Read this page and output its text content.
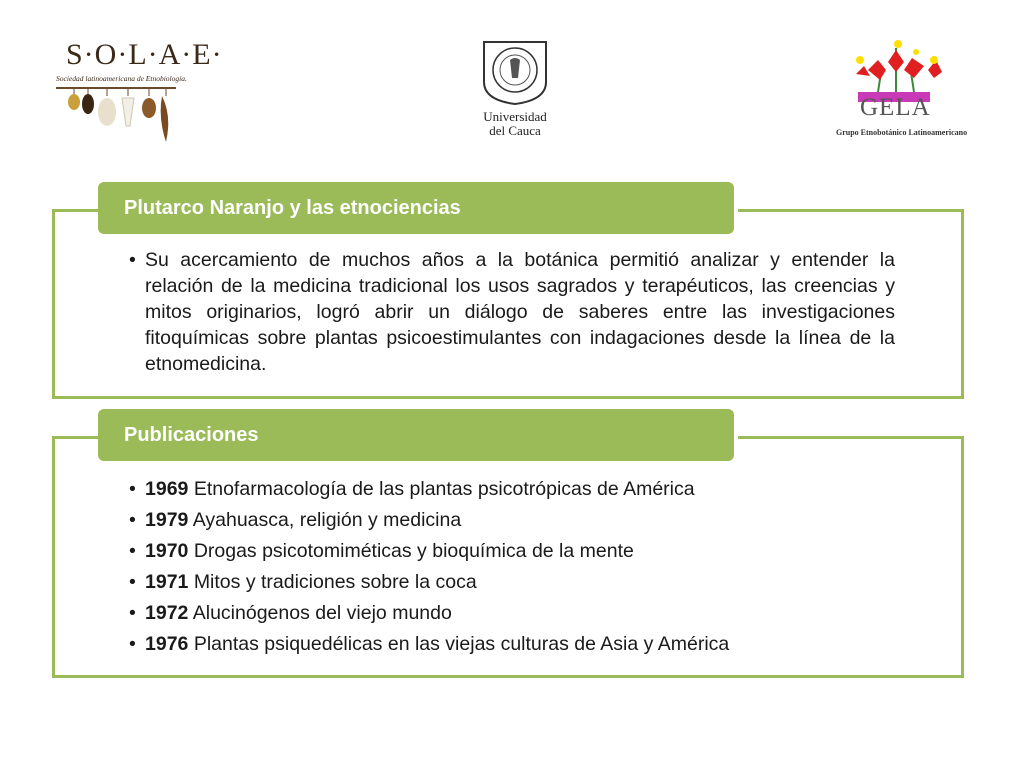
S·O·L·A·E·
Sociedad latinoamericana de Etnobiología.
Universidad
del Cauca
GELA
Grupo Etnobotánico Latinoamericano
• Su acercamiento de muchos años a la botánica permitió analizar y entender la relación de la medicina tradicional los usos sagrados y terapéuticos, las creencias y mitos originarios, logró abrir un diálogo de saberes entre las investigaciones fitoquímicas sobre plantas psicoestimulantes con indagaciones desde la línea de la etnomedicina.
Plutarco Naranjo y las etnociencias
• 1969 Etnofarmacología de las plantas psicotrópicas de América
• 1979 Ayahuasca, religión y medicina
• 1970 Drogas psicotomiméticas y bioquímica de la mente
• 1971 Mitos y tradiciones sobre la coca
• 1972 Alucinógenos del viejo mundo
• 1976 Plantas psiquedélicas en las viejas culturas de Asia y América
Publicaciones
